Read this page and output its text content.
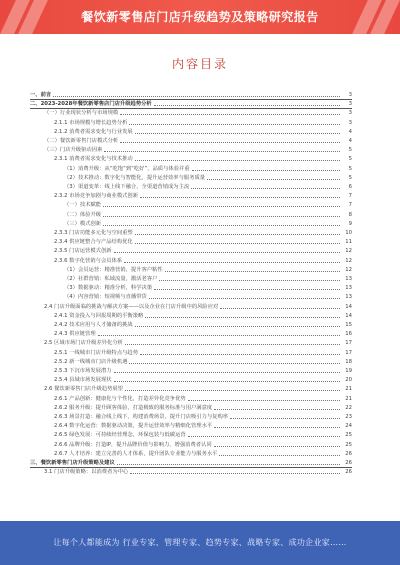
餐饮新零售店门店升级趋势及策略研究报告
内容目录
一、前言	3
二、2023-2028年餐饮新零售店门店升级趋势分析	3
（一）行业现状分析与市场规模	3
2.1.1 市场规模与增长趋势分析	3
2.1.2 消费者需求变化与行业发展	4
（二）餐饮新零售门店模式分析	4
（三）门店升级驱动因素	5
2.3.1 消费者需求变化与技术推动	5
（1）消费升级：从“吃饱”到“吃好”，品质与体验并重	5
（2）技术推动：数字化与智能化，提升运营效率与服务质量	5
（3）渠道变革：线上线下融合，全渠道营销成为主流	6
2.3.2 市场竞争加剧与商业模式创新	7
（一）技术赋能	7
（二）体验升级	8
（三）模式创新	9
2.3.3 门店功能多元化与空间重塑	10
2.3.4 供应链整合与产品结构优化	11
2.3.5 门店运营模式创新	12
2.3.6 数字化营销与会员体系	12
（1）会员运营：精准营销，提升客户粘性	12
（2）社群营销：私域流量，激活老客户	13
（3）数据驱动：精准分析，科学决策	13
（4）内容营销：短视频与直播带货	13
2.4 门店升级面临的挑战与解决方案——以及企业在门店升级中的风险应对	14
2.4.1 资金投入与回报周期的平衡策略	14
2.4.2 技术应用与人才储备的挑战	15
2.4.3 供应链管理	16
2.5 区域市场门店升级差异化分析	17
2.5.1 一线城市门店升级特点与趋势	17
2.5.2 新一线城市门店升级机遇	18
2.5.3 下沉市场发展潜力	19
2.5.4 县域市场发展现状	20
2.6 餐饮新零售门店升级趋势展望	21
2.6.1 产品创新：健康化与个性化，打造差异化竞争优势	21
2.6.2 服务升级：提升顾客体验，打造极致的服务标准与用户满意度	22
2.6.3 场景打造：融合线上线下，构建消费场景，提升门店吸引力与复购率	23
2.6.4 数字化运营：数据驱动决策，提升运营效率与精细化管理水平	24
2.6.5 绿色发展：可持续经营理念，环保包装与低碳运营	25
2.6.6 品牌升级：打造IP，提升品牌价值与影响力，增强消费者认同	25
2.6.7 人才培养：建立完善的人才体系，提升团队专业能力与服务水平	26
三、餐饮新零售门店升级策略及建议	26
3.1 门店升级策略：以消费者为中心	26
让每个人都能成为 行业专家、管理专家、趋势专家、战略专家、成功企业家……
